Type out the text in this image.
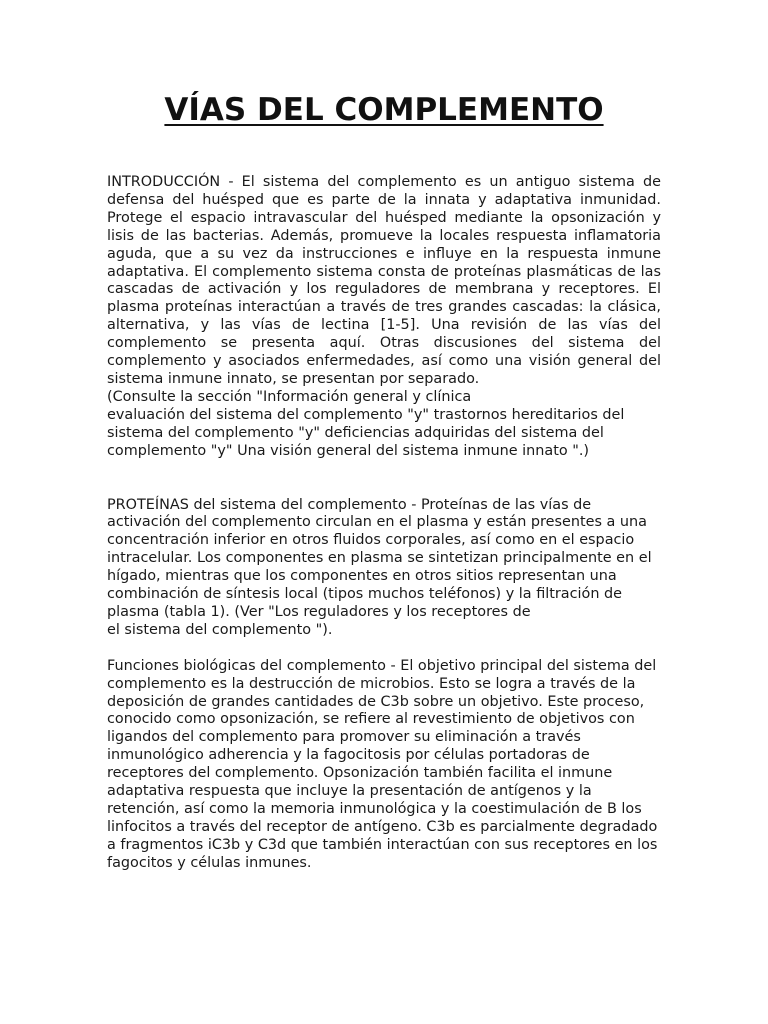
VÍAS DEL COMPLEMENTO

INTRODUCCIÓN - El sistema del complemento es un antiguo sistema de defensa del huésped que es parte de la innata y adaptativa inmunidad. Protege el espacio intravascular del huésped mediante la opsonización y lisis de las bacterias. Además, promueve la locales respuesta inflamatoria aguda, que a su vez da instrucciones e influye en la respuesta inmune adaptativa. El complemento sistema consta de proteínas plasmáticas de las cascadas de activación y los reguladores de membrana y receptores. El plasma proteínas interactúan a través de tres grandes cascadas: la clásica, alternativa, y las vías de lectina [1-5]. Una revisión de las vías del complemento se presenta aquí. Otras discusiones del sistema del complemento y asociados enfermedades, así como una visión general del sistema inmune innato, se presentan por separado.
(Consulte la sección "Información general y clínica
evaluación del sistema del complemento "y" trastornos hereditarios del sistema del complemento "y" deficiencias adquiridas del sistema del complemento "y" Una visión general del sistema inmune innato ".)

PROTEÍNAS del sistema del complemento - Proteínas de las vías de activación del complemento circulan en el plasma y están presentes a una concentración inferior en otros fluidos corporales, así como en el espacio intracelular. Los componentes en plasma se sintetizan principalmente en el hígado, mientras que los componentes en otros sitios representan una combinación de síntesis local (tipos muchos teléfonos) y la filtración de plasma (tabla 1). (Ver "Los reguladores y los receptores de
el sistema del complemento ").

Funciones biológicas del complemento - El objetivo principal del sistema del complemento es la destrucción de microbios. Esto se logra a través de la deposición de grandes cantidades de C3b sobre un objetivo. Este proceso, conocido como opsonización, se refiere al revestimiento de objetivos con ligandos del complemento para promover su eliminación a través inmunológico adherencia y la fagocitosis por células portadoras de receptores del complemento. Opsonización también facilita el inmune adaptativa respuesta que incluye la presentación de antígenos y la retención, así como la memoria inmunológica y la coestimulación de B los linfocitos a través del receptor de antígeno. C3b es parcialmente degradado a fragmentos iC3b y C3d que también interactúan con sus receptores en los fagocitos y células inmunes.
